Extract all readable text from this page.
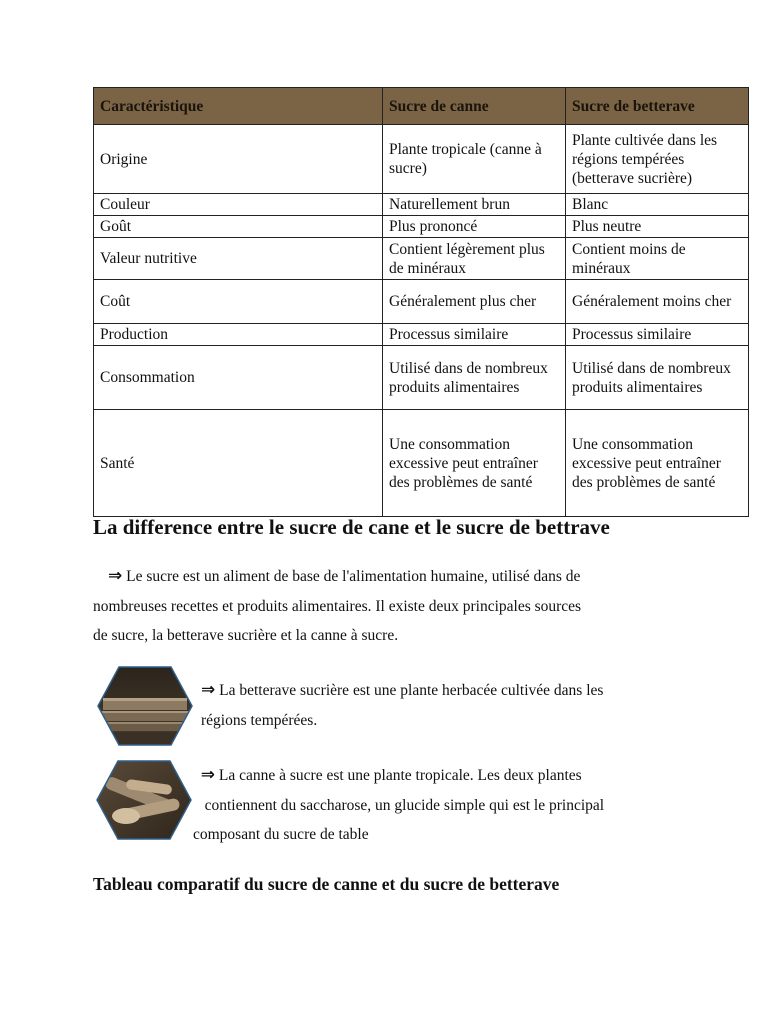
Caractéristique	Sucre de canne	Sucre de betterave
Origine	Plante tropicale (canne à sucre)	Plante cultivée dans les régions tempérées (betterave sucrière)
Couleur	Naturellement brun	Blanc
Goût	Plus prononcé	Plus neutre
Valeur nutritive	Contient légèrement plus de minéraux	Contient moins de minéraux
Coût	Généralement plus cher	Généralement moins cher
Production	Processus similaire	Processus similaire
Consommation	Utilisé dans de nombreux produits alimentaires	Utilisé dans de nombreux produits alimentaires
Santé	Une consommation excessive peut entraîner des problèmes de santé	Une consommation excessive peut entraîner des problèmes de santé
La difference entre le sucre de cane et le sucre de bettrave
⇒ Le sucre est un aliment de base de l'alimentation humaine, utilisé dans de
nombreuses recettes et produits alimentaires. Il existe deux principales sources
de sucre, la betterave sucrière et la canne à sucre.
⇒ La betterave sucrière est une plante herbacée cultivée dans les
régions tempérées.
⇒ La canne à sucre est une plante tropicale. Les deux plantes
contiennent du saccharose, un glucide simple qui est le principal
composant du sucre de table
Tableau comparatif du sucre de canne et du sucre de betterave
